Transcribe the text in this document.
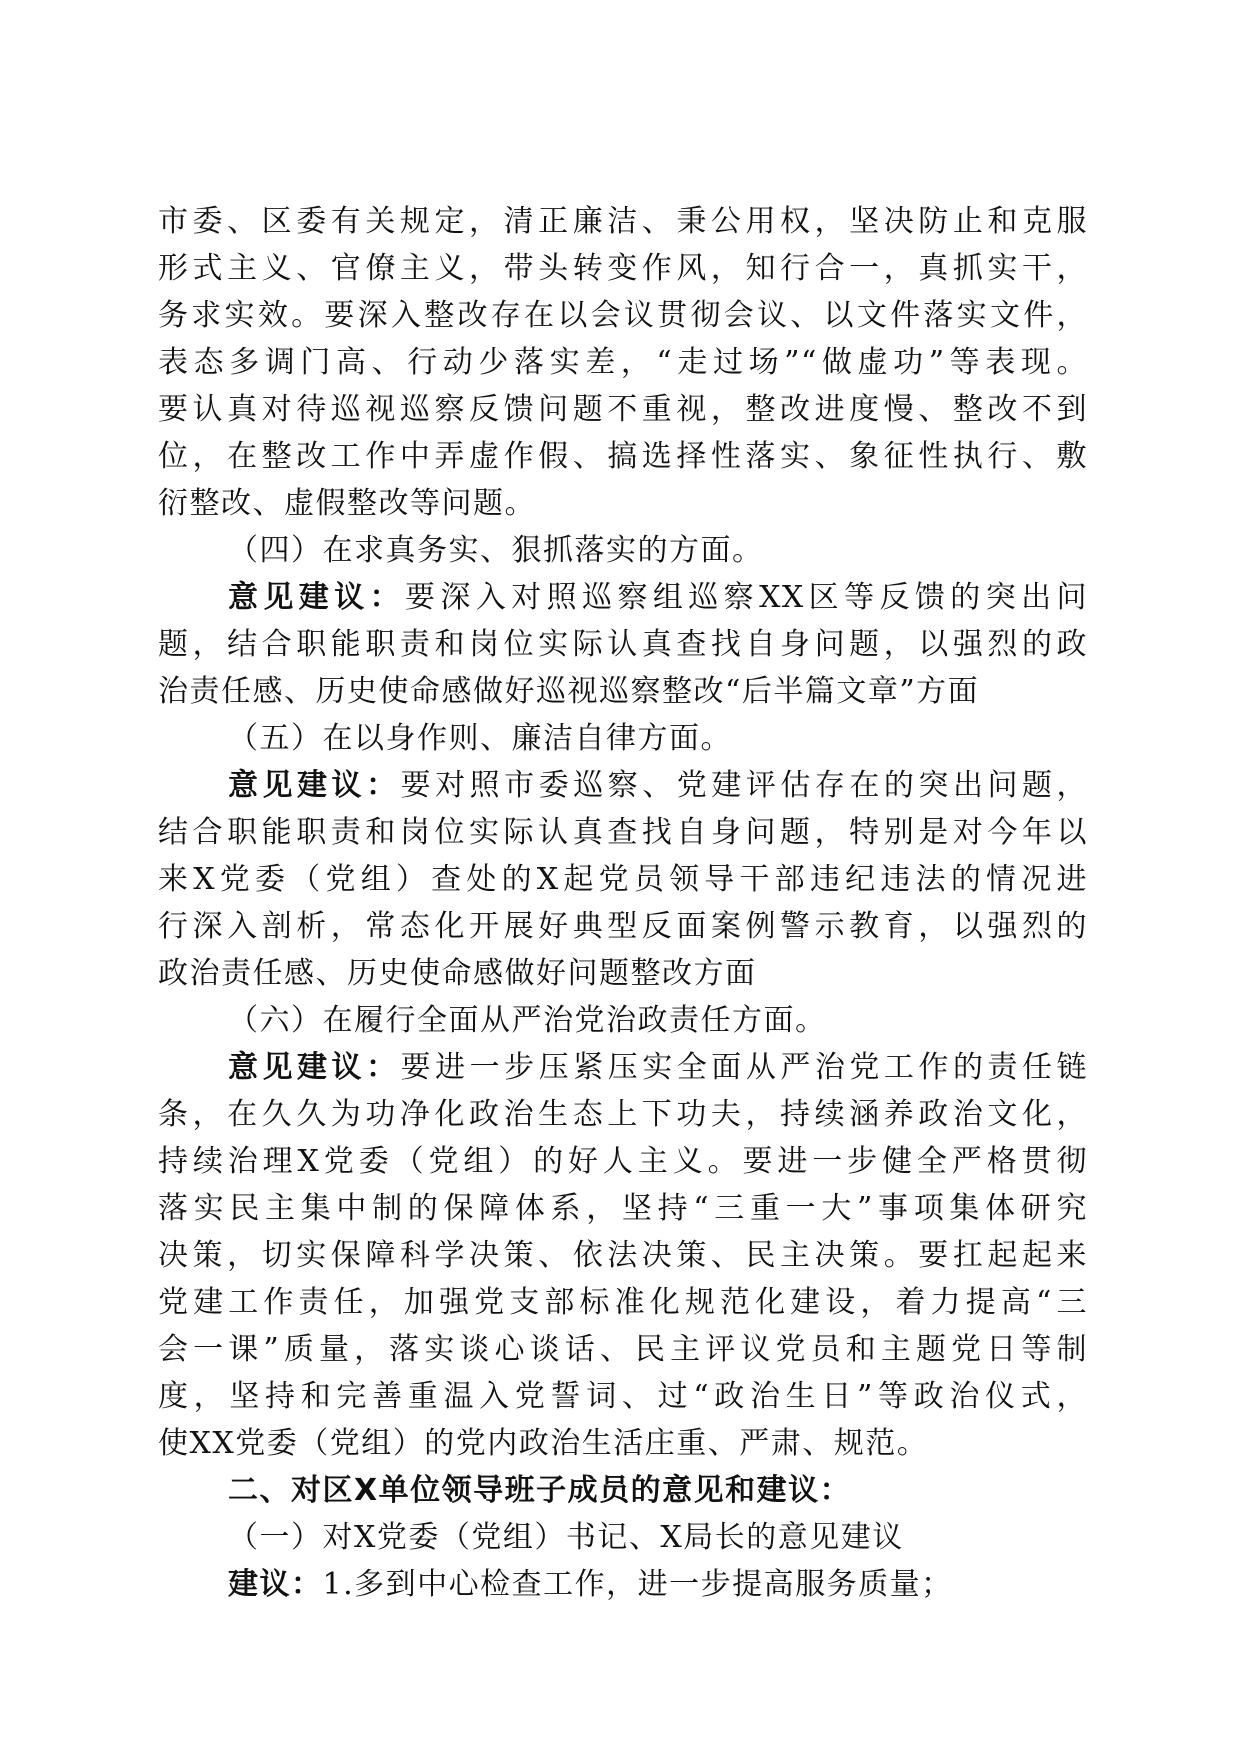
市委、区委有关规定，清正廉洁、秉公用权，坚决防止和克服
形式主义、官僚主义，带头转变作风，知行合一，真抓实干，
务求实效。要深入整改存在以会议贯彻会议、以文件落实文件，
表态多调门高、行动少落实差，“走过场”“做虚功”等表现。
要认真对待巡视巡察反馈问题不重视，整改进度慢、整改不到
位，在整改工作中弄虚作假、搞选择性落实、象征性执行、敷
衍整改、虚假整改等问题。
（四）在求真务实、狠抓落实的方面。
意见建议：要深入对照巡察组巡察XX区等反馈的突出问
题，结合职能职责和岗位实际认真查找自身问题，以强烈的政
治责任感、历史使命感做好巡视巡察整改“后半篇文章”方面
（五）在以身作则、廉洁自律方面。
意见建议：要对照市委巡察、党建评估存在的突出问题，
结合职能职责和岗位实际认真查找自身问题，特别是对今年以
来X党委（党组）查处的X起党员领导干部违纪违法的情况进
行深入剖析，常态化开展好典型反面案例警示教育，以强烈的
政治责任感、历史使命感做好问题整改方面
（六）在履行全面从严治党治政责任方面。
意见建议：要进一步压紧压实全面从严治党工作的责任链
条，在久久为功净化政治生态上下功夫，持续涵养政治文化，
持续治理X党委（党组）的好人主义。要进一步健全严格贯彻
落实民主集中制的保障体系，坚持“三重一大”事项集体研究
决策，切实保障科学决策、依法决策、民主决策。要扛起起来
党建工作责任，加强党支部标准化规范化建设，着力提高“三
会一课”质量，落实谈心谈话、民主评议党员和主题党日等制
度，坚持和完善重温入党誓词、过“政治生日”等政治仪式，
使XX党委（党组）的党内政治生活庄重、严肃、规范。
二、对区X单位领导班子成员的意见和建议：
（一）对X党委（党组）书记、X局长的意见建议
建议：1.多到中心检查工作，进一步提高服务质量；
